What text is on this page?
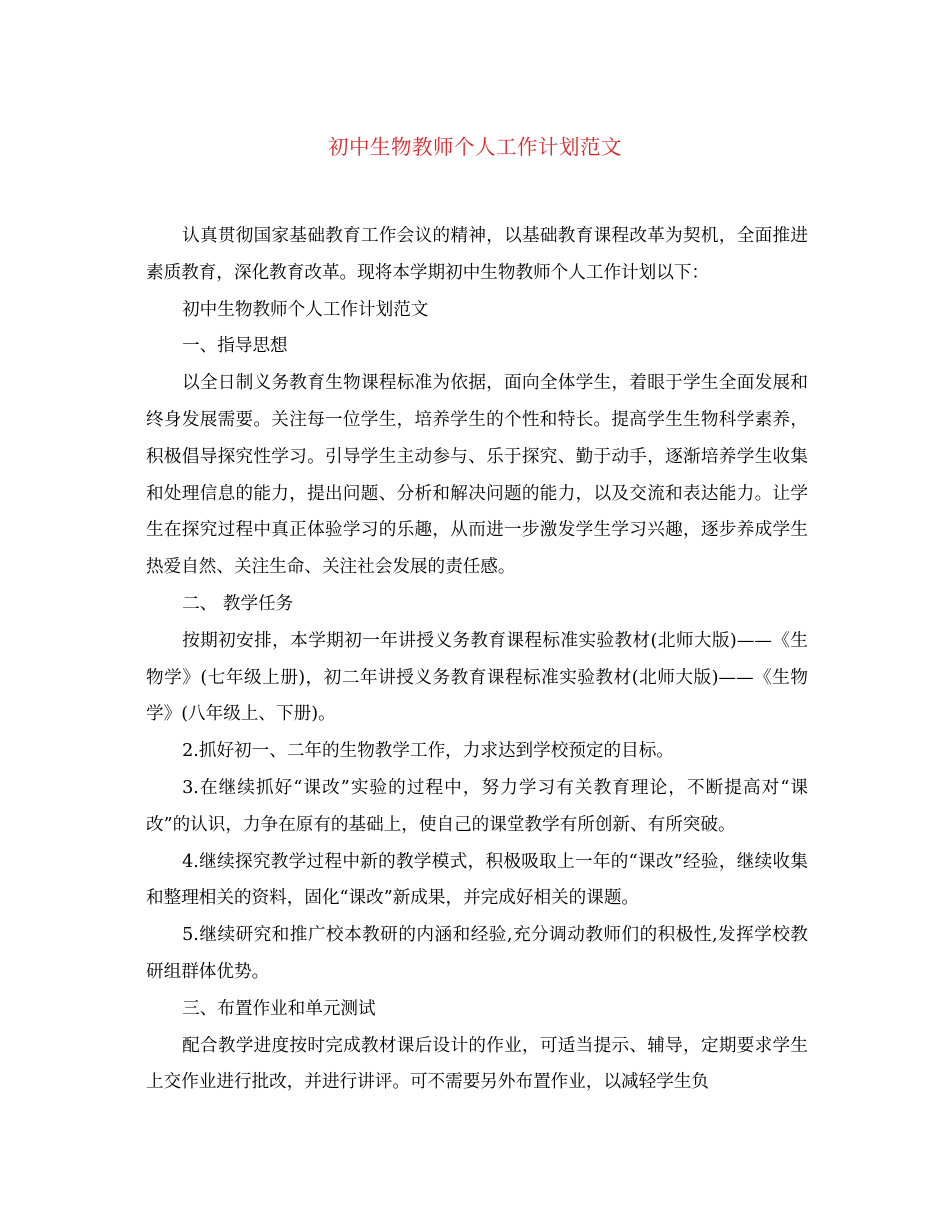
初中生物教师个人工作计划范文

认真贯彻国家基础教育工作会议的精神，以基础教育课程改革为契机，全面推进素质教育，深化教育改革。现将本学期初中生物教师个人工作计划以下：

初中生物教师个人工作计划范文

一、指导思想

以全日制义务教育生物课程标准为依据，面向全体学生，着眼于学生全面发展和终身发展需要。关注每一位学生，培养学生的个性和特长。提高学生生物科学素养，积极倡导探究性学习。引导学生主动参与、乐于探究、勤于动手，逐渐培养学生收集和处理信息的能力，提出问题、分析和解决问题的能力，以及交流和表达能力。让学生在探究过程中真正体验学习的乐趣，从而进一步激发学生学习兴趣，逐步养成学生热爱自然、关注生命、关注社会发展的责任感。

二、 教学任务

按期初安排，本学期初一年讲授义务教育课程标准实验教材(北师大版)——《生物学》(七年级上册)，初二年讲授义务教育课程标准实验教材(北师大版)——《生物学》(八年级上、下册)。

2.抓好初一、二年的生物教学工作，力求达到学校预定的目标。

3.在继续抓好“课改”实验的过程中，努力学习有关教育理论，不断提高对“课改”的认识，力争在原有的基础上，使自己的课堂教学有所创新、有所突破。

4.继续探究教学过程中新的教学模式，积极吸取上一年的“课改”经验，继续收集和整理相关的资料，固化“课改”新成果，并完成好相关的课题。

5.继续研究和推广校本教研的内涵和经验,充分调动教师们的积极性,发挥学校教研组群体优势。

三、布置作业和单元测试

配合教学进度按时完成教材课后设计的作业，可适当提示、辅导，定期要求学生上交作业进行批改，并进行讲评。可不需要另外布置作业，以减轻学生负
